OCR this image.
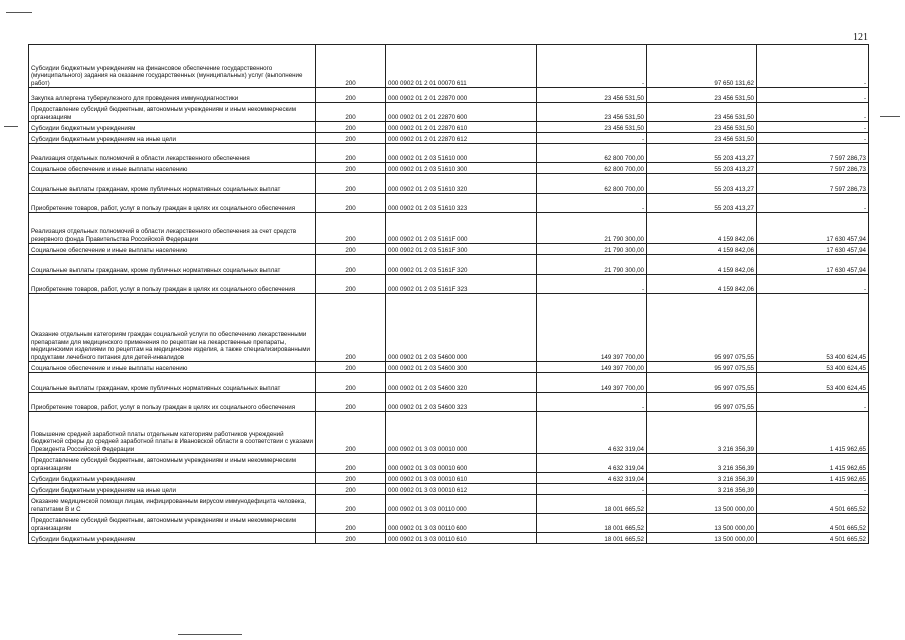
121
Субсидии бюджетным учреждениям на финансовое обеспечение государственного (муниципального) задания на оказание государственных (муниципальных) услуг (выполнение работ)	200	000 0902 01 2 01 00070 611	-	97 650 131,62	-
Закупка аллергена туберкулезного для проведения иммунодиагностики	200	000 0902 01 2 01 22870 000	23 456 531,50	23 456 531,50	-
Предоставление субсидий бюджетным, автономным учреждениям и иным некоммерческим организациям	200	000 0902 01 2 01 22870 600	23 456 531,50	23 456 531,50	-
Субсидии бюджетным учреждениям	200	000 0902 01 2 01 22870 610	23 456 531,50	23 456 531,50	-
Субсидии бюджетным учреждениям на иные цели	200	000 0902 01 2 01 22870 612	-	23 456 531,50	-
Реализация отдельных полномочий в области лекарственного обеспечения	200	000 0902 01 2 03 51610 000	62 800 700,00	55 203 413,27	7 597 286,73
Социальное обеспечение и иные выплаты населению	200	000 0902 01 2 03 51610 300	62 800 700,00	55 203 413,27	7 597 286,73
Социальные выплаты гражданам, кроме публичных нормативных социальных выплат	200	000 0902 01 2 03 51610 320	62 800 700,00	55 203 413,27	7 597 286,73
Приобретение товаров, работ, услуг в пользу граждан в целях их социального обеспечения	200	000 0902 01 2 03 51610 323	-	55 203 413,27	-
Реализация отдельных полномочий в области лекарственного обеспечения за счет средств резервного фонда Правительства Российской Федерации	200	000 0902 01 2 03 5161F 000	21 790 300,00	4 159 842,06	17 630 457,94
Социальное обеспечение и иные выплаты населению	200	000 0902 01 2 03 5161F 300	21 790 300,00	4 159 842,06	17 630 457,94
Социальные выплаты гражданам, кроме публичных нормативных социальных выплат	200	000 0902 01 2 03 5161F 320	21 790 300,00	4 159 842,06	17 630 457,94
Приобретение товаров, работ, услуг в пользу граждан в целях их социального обеспечения	200	000 0902 01 2 03 5161F 323	-	4 159 842,06	-
Оказание отдельным категориям граждан социальной услуги по обеспечению лекарственными препаратами для медицинского применения по рецептам на лекарственные препараты, медицинскими изделиями по рецептам на медицинские изделия, а также специализированными продуктами лечебного питания для детей-инвалидов	200	000 0902 01 2 03 54600 000	149 397 700,00	95 997 075,55	53 400 624,45
Социальное обеспечение и иные выплаты населению	200	000 0902 01 2 03 54600 300	149 397 700,00	95 997 075,55	53 400 624,45
Социальные выплаты гражданам, кроме публичных нормативных социальных выплат	200	000 0902 01 2 03 54600 320	149 397 700,00	95 997 075,55	53 400 624,45
Приобретение товаров, работ, услуг в пользу граждан в целях их социального обеспечения	200	000 0902 01 2 03 54600 323	-	95 997 075,55	-
Повышение средней заработной платы отдельным категориям работников учреждений бюджетной сферы до средней заработной платы в Ивановской области в соответствии с указами Президента Российской Федерации	200	000 0902 01 3 03 00010 000	4 632 319,04	3 216 356,39	1 415 962,65
Предоставление субсидий бюджетным, автономным учреждениям и иным некоммерческим организациям	200	000 0902 01 3 03 00010 600	4 632 319,04	3 216 356,39	1 415 962,65
Субсидии бюджетным учреждениям	200	000 0902 01 3 03 00010 610	4 632 319,04	3 216 356,39	1 415 962,65
Субсидии бюджетным учреждениям на иные цели	200	000 0902 01 3 03 00010 612	-	3 216 356,39	-
Оказание медицинской помощи лицам, инфицированным вирусом иммунодефицита человека, гепатитами B и C	200	000 0902 01 3 03 00110 000	18 001 665,52	13 500 000,00	4 501 665,52
Предоставление субсидий бюджетным, автономным учреждениям и иным некоммерческим организациям	200	000 0902 01 3 03 00110 600	18 001 665,52	13 500 000,00	4 501 665,52
Субсидии бюджетным учреждениям	200	000 0902 01 3 03 00110 610	18 001 665,52	13 500 000,00	4 501 665,52
